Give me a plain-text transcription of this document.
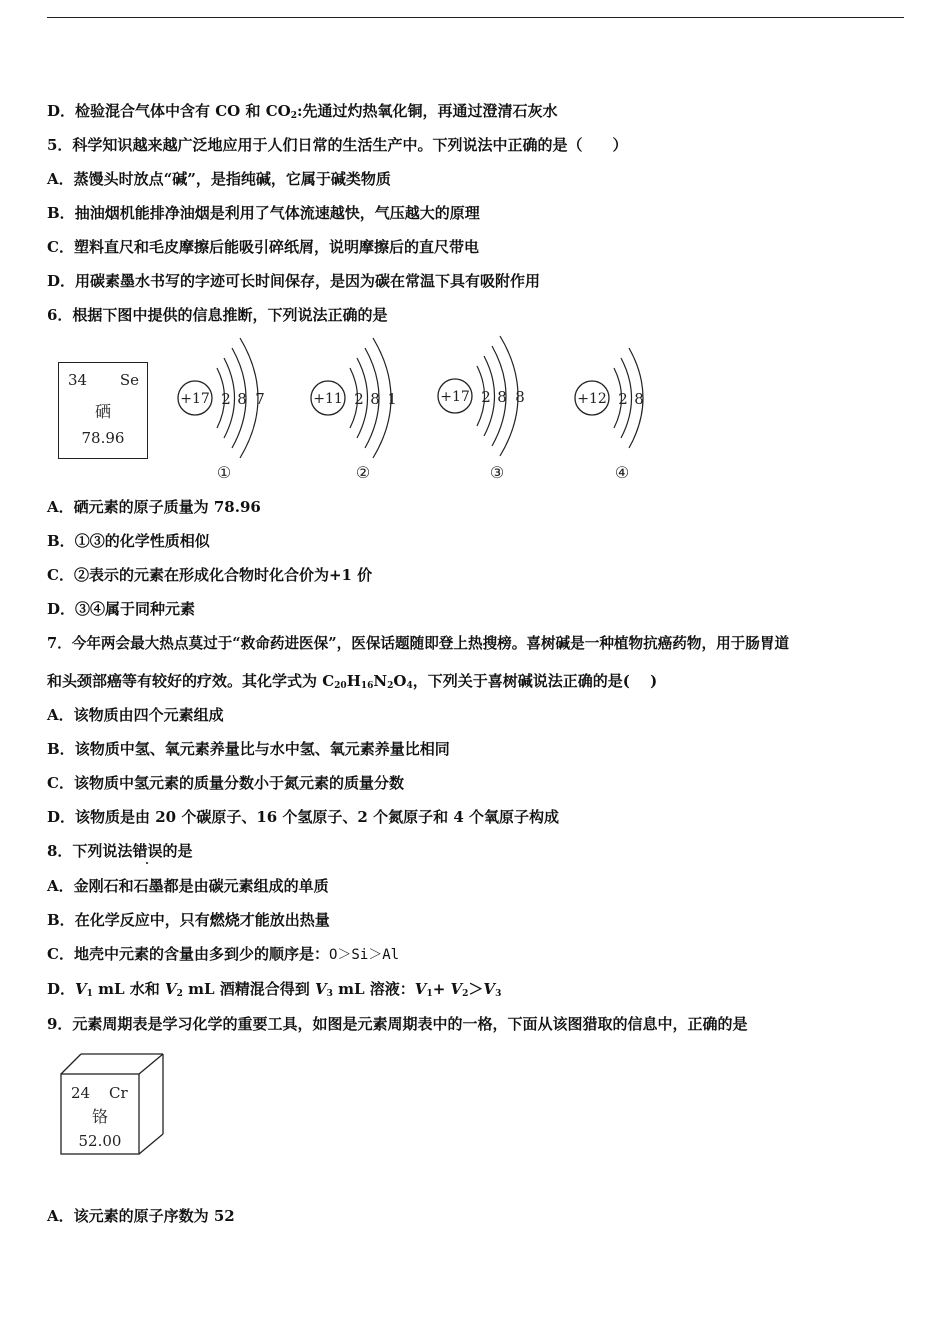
D．检验混合气体中含有 CO 和 $CO_2$:先通过灼热氧化铜，再通过澄清石灰水
5．科学知识越来越广泛地应用于人们日常的生活生产中。下列说法中正确的是（　　）
A．蒸馒头时放点“碱”，是指纯碱，它属于碱类物质
B．抽油烟机能排净油烟是利用了气体流速越快，气压越大的原理
C．塑料直尺和毛皮摩擦后能吸引碎纸屑，说明摩擦后的直尺带电
D．用碳素墨水书写的字迹可长时间保存，是因为碳在常温下具有吸附作用
6．根据下图中提供的信息推断，下列说法正确的是
34 Se
硒
78.96
+17 2 8 7
①
+11 2 8 1
②
+17 2 8 8
③
+12 2 8
④
A．硒元素的原子质量为 78.96
B．①③的化学性质相似
C．②表示的元素在形成化合物时化合价为+1 价
D．③④属于同种元素
7．今年两会最大热点莫过于“救命药进医保”，医保话题随即登上热搜榜。喜树碱是一种植物抗癌药物，用于肠胃道
和头颈部癌等有较好的疗效。其化学式为 $C_{20}H_{16}N_2O_4$，下列关于喜树碱说法正确的是(　 )
A．该物质由四个元素组成
B．该物质中氢、氧元素养量比与水中氢、氧元素养量比相同
C．该物质中氢元素的质量分数小于氮元素的质量分数
D．该物质是由 20 个碳原子、16 个氢原子、2 个氮原子和 4 个氧原子构成
8．下列说法错误的是
A．金刚石和石墨都是由碳元素组成的单质
B．在化学反应中，只有燃烧才能放出热量
C．地壳中元素的含量由多到少的顺序是：O＞Si＞Al
D．$V_1$ mL 水和 $V_2$ mL 酒精混合得到 $V_3$ mL 溶液：$V_1+ V_2>V_3$
9．元素周期表是学习化学的重要工具，如图是元素周期表中的一格，下面从该图猎取的信息中，正确的是
24 Cr
铬
52.00
A．该元素的原子序数为 52
